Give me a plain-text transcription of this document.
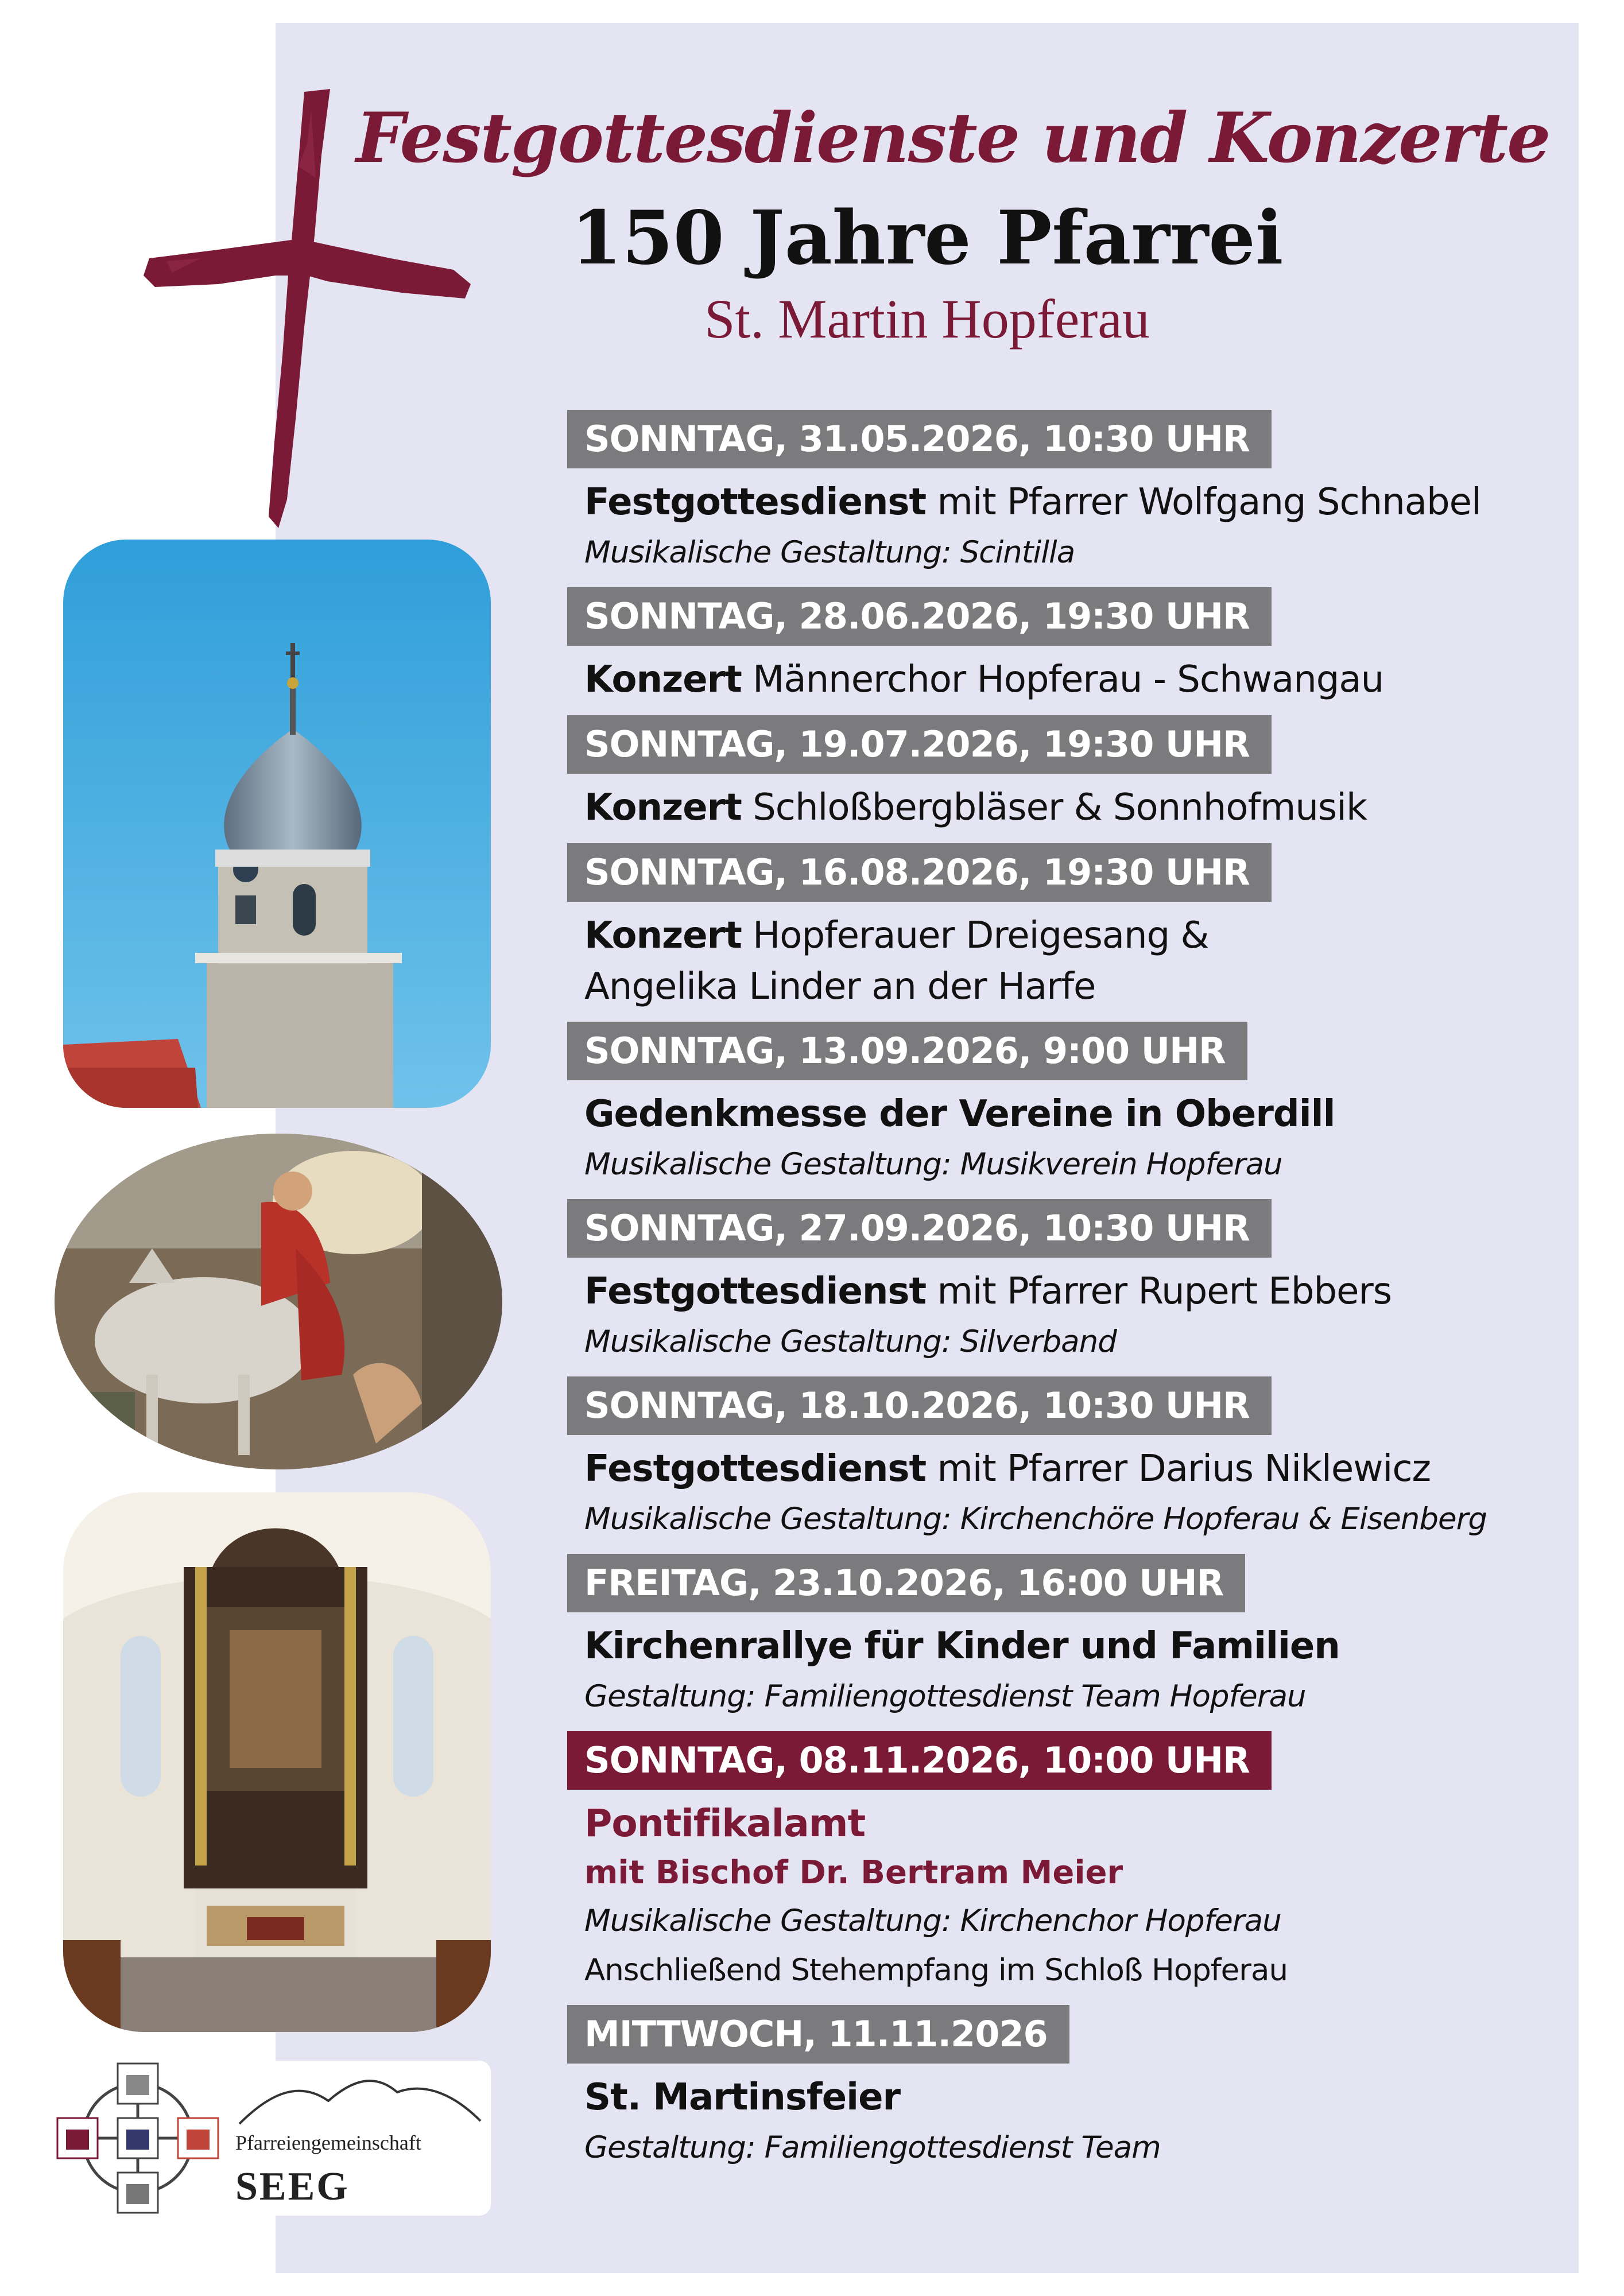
Festgottesdienste und Konzerte
150 Jahre Pfarrei
St. Martin Hopferau
Pfarreiengemeinschaft
SEEG
SONNTAG, 31.05.2026, 10:30 UHR
Festgottesdienst mit Pfarrer Wolfgang Schnabel
Musikalische Gestaltung: Scintilla
SONNTAG, 28.06.2026, 19:30 UHR
Konzert Männerchor Hopferau - Schwangau
SONNTAG, 19.07.2026, 19:30 UHR
Konzert Schloßbergbläser & Sonnhofmusik
SONNTAG, 16.08.2026, 19:30 UHR
Konzert Hopferauer Dreigesang &
Angelika Linder an der Harfe
SONNTAG, 13.09.2026, 9:00 UHR
Gedenkmesse der Vereine in Oberdill
Musikalische Gestaltung: Musikverein Hopferau
SONNTAG, 27.09.2026, 10:30 UHR
Festgottesdienst mit Pfarrer Rupert Ebbers
Musikalische Gestaltung: Silverband
SONNTAG, 18.10.2026, 10:30 UHR
Festgottesdienst mit Pfarrer Darius Niklewicz
Musikalische Gestaltung: Kirchenchöre Hopferau & Eisenberg
FREITAG, 23.10.2026, 16:00 UHR
Kirchenrallye für Kinder und Familien
Gestaltung: Familiengottesdienst Team Hopferau
SONNTAG, 08.11.2026, 10:00 UHR
Pontifikalamt
mit Bischof Dr. Bertram Meier
Musikalische Gestaltung: Kirchenchor Hopferau
Anschließend Stehempfang im Schloß Hopferau
MITTWOCH, 11.11.2026
St. Martinsfeier
Gestaltung: Familiengottesdienst Team
